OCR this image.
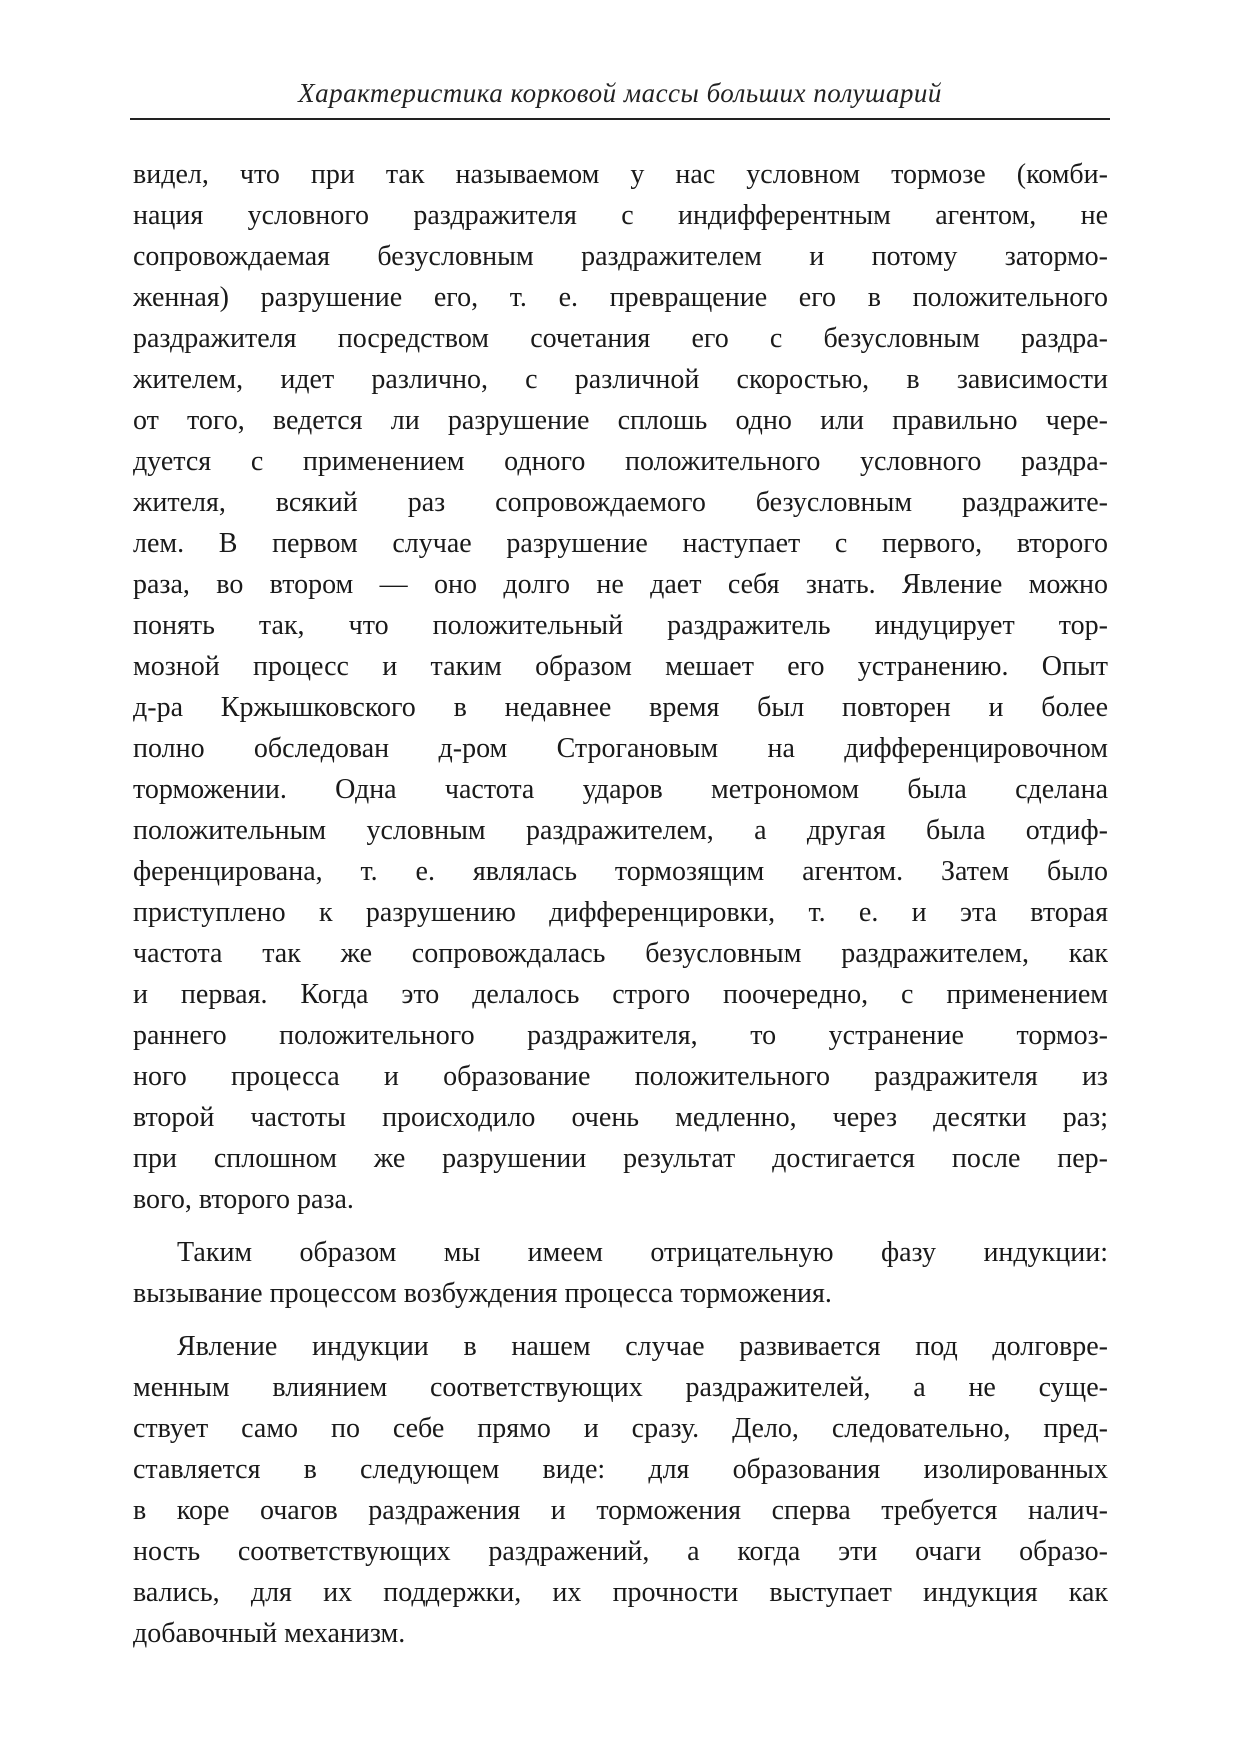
Характеристика корковой массы больших полушарий
видел, что при так называемом у нас условном тормозе (комби-
нация условного раздражителя с индифферентным агентом, не
сопровождаемая безусловным раздражителем и потому затормо-
женная) разрушение его, т. е. превращение его в положительного
раздражителя посредством сочетания его с безусловным раздра-
жителем, идет различно, с различной скоростью, в зависимости
от того, ведется ли разрушение сплошь одно или правильно чере-
дуется с применением одного положительного условного раздра-
жителя, всякий раз сопровождаемого безусловным раздражите-
лем. В первом случае разрушение наступает с первого, второго
раза, во втором — оно долго не дает себя знать. Явление можно
понять так, что положительный раздражитель индуцирует тор-
мозной процесс и таким образом мешает его устранению. Опыт
д-ра Кржышковского в недавнее время был повторен и более
полно обследован д-ром Строгановым на дифференцировочном
торможении. Одна частота ударов метрономом была сделана
положительным условным раздражителем, а другая была отдиф-
ференцирована, т. е. являлась тормозящим агентом. Затем было
приступлено к разрушению дифференцировки, т. е. и эта вторая
частота так же сопровождалась безусловным раздражителем, как
и первая. Когда это делалось строго поочередно, с применением
раннего положительного раздражителя, то устранение тормоз-
ного процесса и образование положительного раздражителя из
второй частоты происходило очень медленно, через десятки раз;
при сплошном же разрушении результат достигается после пер-
вого, второго раза.
Таким образом мы имеем отрицательную фазу индукции:
вызывание процессом возбуждения процесса торможения.
Явление индукции в нашем случае развивается под долговре-
менным влиянием соответствующих раздражителей, а не суще-
ствует само по себе прямо и сразу. Дело, следовательно, пред-
ставляется в следующем виде: для образования изолированных
в коре очагов раздражения и торможения сперва требуется налич-
ность соответствующих раздражений, а когда эти очаги образо-
вались, для их поддержки, их прочности выступает индукция как
добавочный механизм.
